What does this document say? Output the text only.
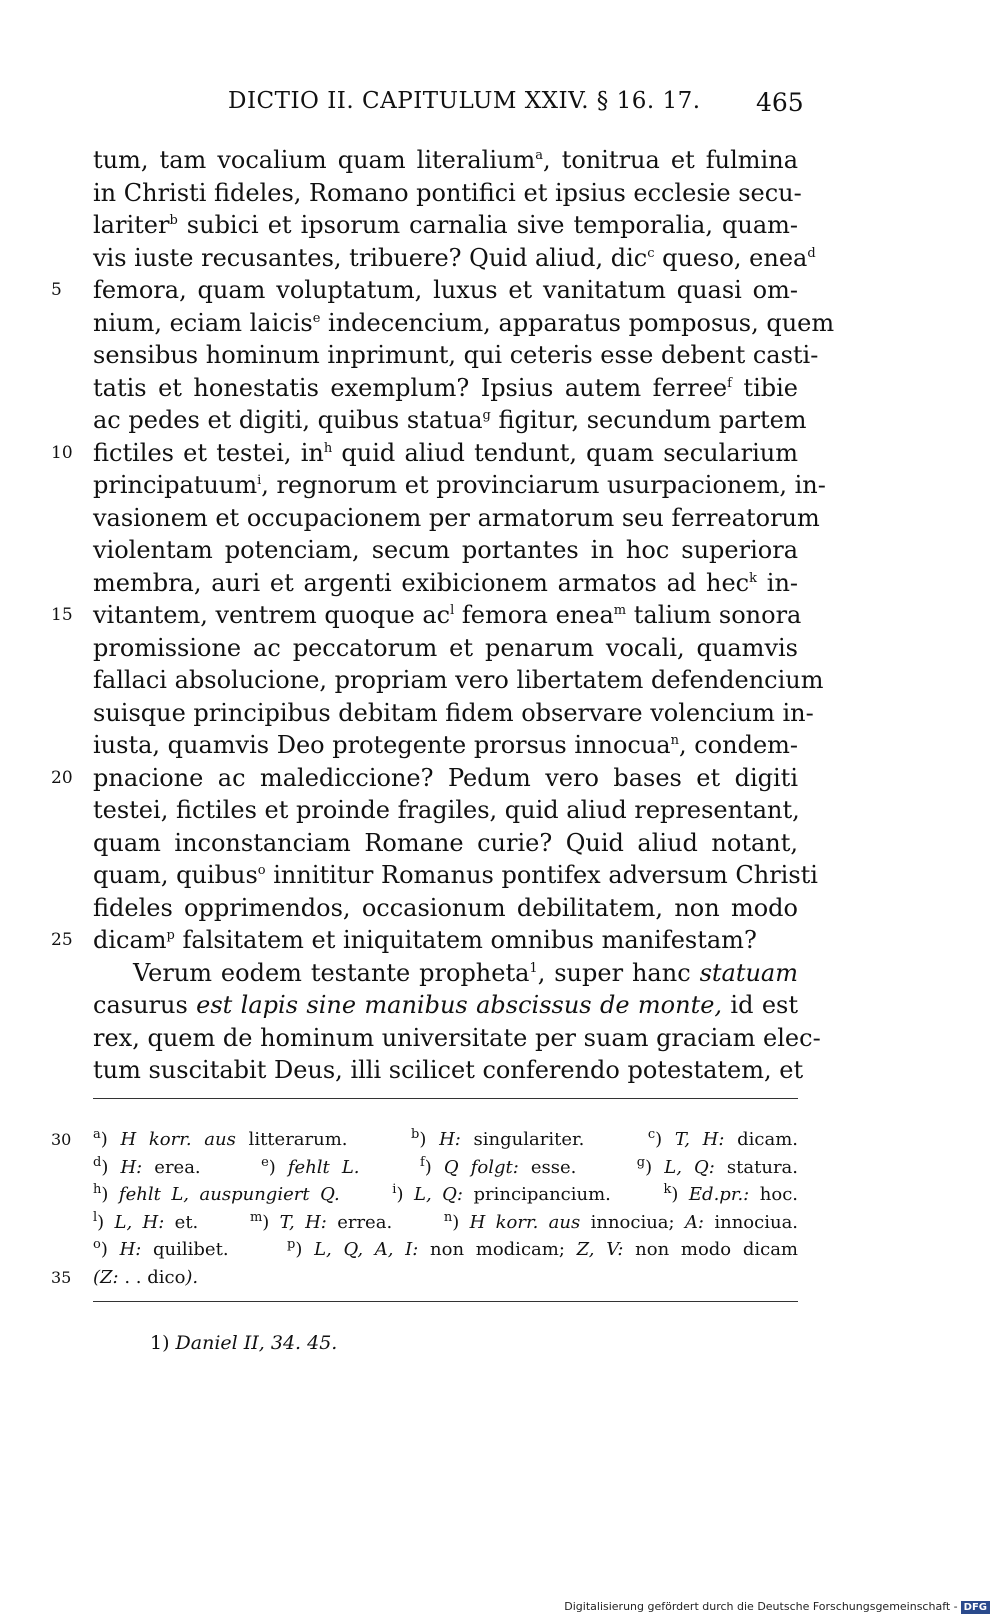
DICTIO II. CAPITULUM XXIV. § 16. 17. 465
tum, tam vocalium quam literalium$^a$, tonitrua et fulmina
in Christi fideles, Romano pontifici et ipsius ecclesie secu-
lariter$^b$ subici et ipsorum carnalia sive temporalia, quam-
vis iuste recusantes, tribuere? Quid aliud, dic$^c$ queso, enea$^d$
5	femora, quam voluptatum, luxus et vanitatum quasi om-
nium, eciam laicis$^e$ indecencium, apparatus pomposus, quem
sensibus hominum inprimunt, qui ceteris esse debent casti-
tatis et honestatis exemplum? Ipsius autem ferree$^f$ tibie
ac pedes et digiti, quibus statua$^g$ figitur, secundum partem
10 fictiles et testei, $in^h$ quid aliud tendunt, quam secularium
principatuum$^i$, regnorum et provinciarum usurpacionem, in-
vasionem et occupacionem per armatorum seu ferreatorum
violentam potenciam, secum portantes in hoc superiora
membra, auri et argenti exibicionem armatos ad hec$^k$ in-
15 vitantem, ventrem quoque $ac^l$ femora enea$^m$ talium sonora
promissione ac peccatorum et penarum vocali, quamvis
fallaci absolucione, propriam vero libertatem defendencium
suisque principibus debitam fidem observare volencium in-
iusta, quamvis Deo protegente prorsus innocua$^n$, condem-
20 pnacione ac malediccione? Pedum vero bases et digiti
testei, fictiles et proinde fragiles, quid aliud representant,
quam inconstanciam Romane curie? Quid aliud notant,
quam, quibus$^o$ innititur Romanus pontifex adversum Christi
fideles opprimendos, occasionum debilitatem, non modo
25 dicam$^p$ falsitatem et iniquitatem omnibus manifestam?
Verum eodem testante propheta$^1$, super hanc statuam
casurus est lapis sine manibus abscissus de monte, id est
rex, quem de hominum universitate per suam graciam elec-
tum suscitabit Deus, illi scilicet conferendo potestatem, et
30	$^a$) H korr. aus litterarum.     $^b$) H: singulariter.     $^c$) T, H: dicam.
$^d$) H: erea.     $^e$) fehlt L.	$^f$) Q folgt: esse.     $^g$) L, Q: statura.
$^h$) fehlt L, auspungiert Q.	$^i$) L, Q: principancium.     $^k$) Ed.pr.: hoc.
$^l$) L, H: et.     $^m$) T, H: errea.     $^n$) H korr. aus innociua; A: innociua.
$^o$) H: quilibet.     $^p$) L, Q, A, I: non modicam; Z, V: non modo dicam
35	(Z: . . dico).
1) Daniel II, 34. 45.
Digitalisierung gefördert durch die Deutsche Forschungsgemeinschaft - DFG
